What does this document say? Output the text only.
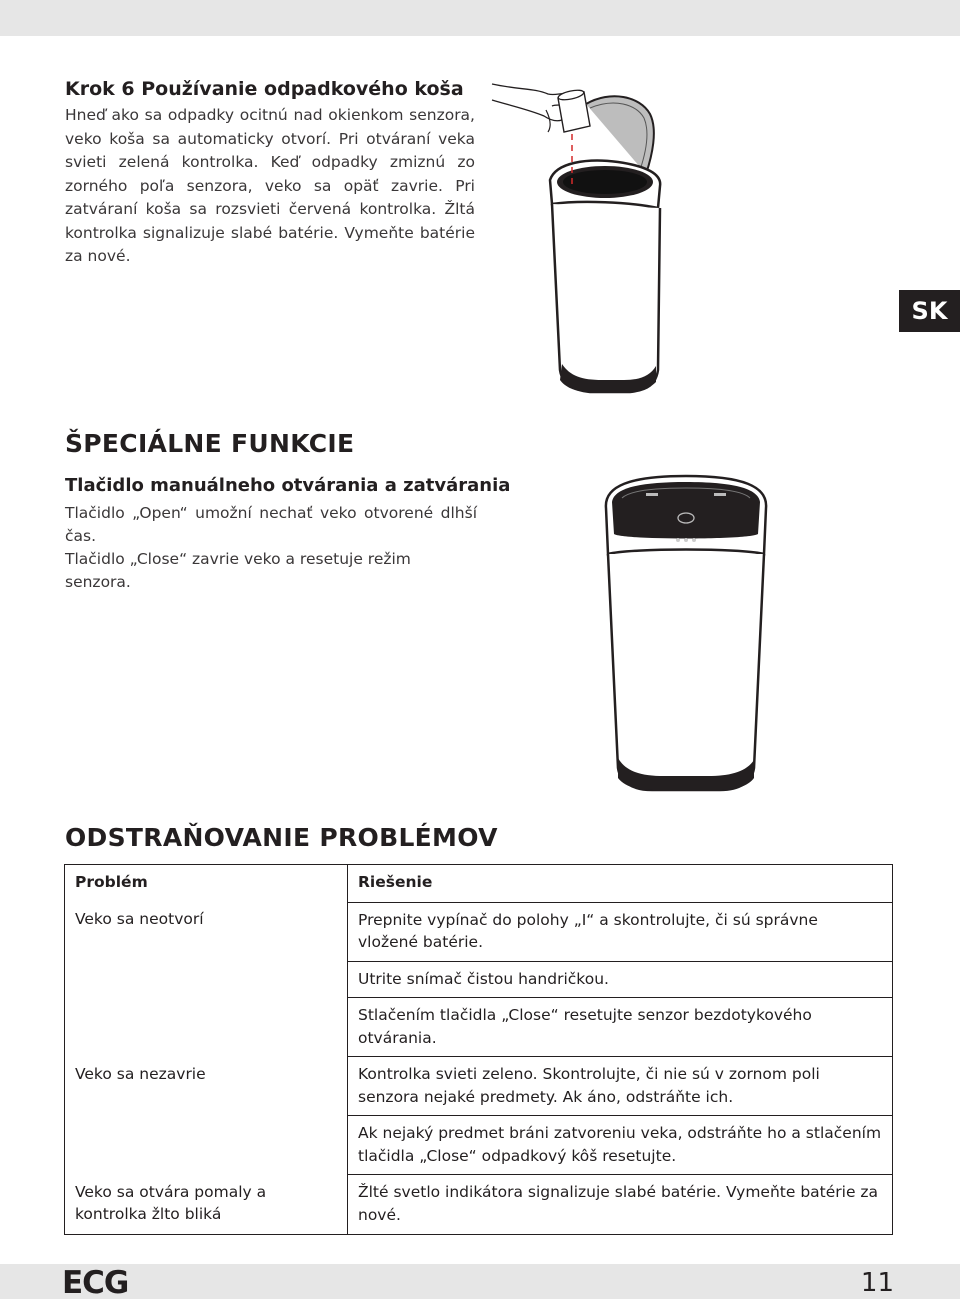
Krok 6 Používanie odpadkového koša
Hneď ako sa odpadky ocitnú nad okienkom senzora, veko koša sa automaticky otvorí. Pri otváraní veka svieti zelená kontrolka. Keď odpadky zmiznú zo zorného poľa senzora, veko sa opäť zavrie. Pri zatváraní koša sa rozsvieti červená kontrolka. Žltá kontrolka signalizuje slabé batérie. Vymeňte batérie za nové.
SK
ŠPECIÁLNE FUNKCIE
Tlačidlo manuálneho otvárania a zatvárania

Tlačidlo „Open“ umožní nechať veko otvorené dlhší čas.

Tlačidlo „Close“ zavrie veko a resetuje režim senzora.

ODSTRAŇOVANIE PROBLÉMOV
Problém	Riešenie
Veko sa neotvorí	Prepnite vypínač do polohy „I“ a skontrolujte, či sú správne vložené batérie.
	Utrite snímač čistou handričkou.
	Stlačením tlačidla „Close“ resetujte senzor bezdotykového otvárania.
Veko sa nezavrie	Kontrolka svieti zeleno. Skontrolujte, či nie sú v zornom poli senzora nejaké predmety. Ak áno, odstráňte ich.
	Ak nejaký predmet bráni zatvoreniu veka, odstráňte ho a stlačením tlačidla „Close“ odpadkový kôš resetujte.
Veko sa otvára pomaly a kontrolka žlto bliká	Žlté svetlo indikátora signalizuje slabé batérie. Vymeňte batérie za nové.
ECG	11
